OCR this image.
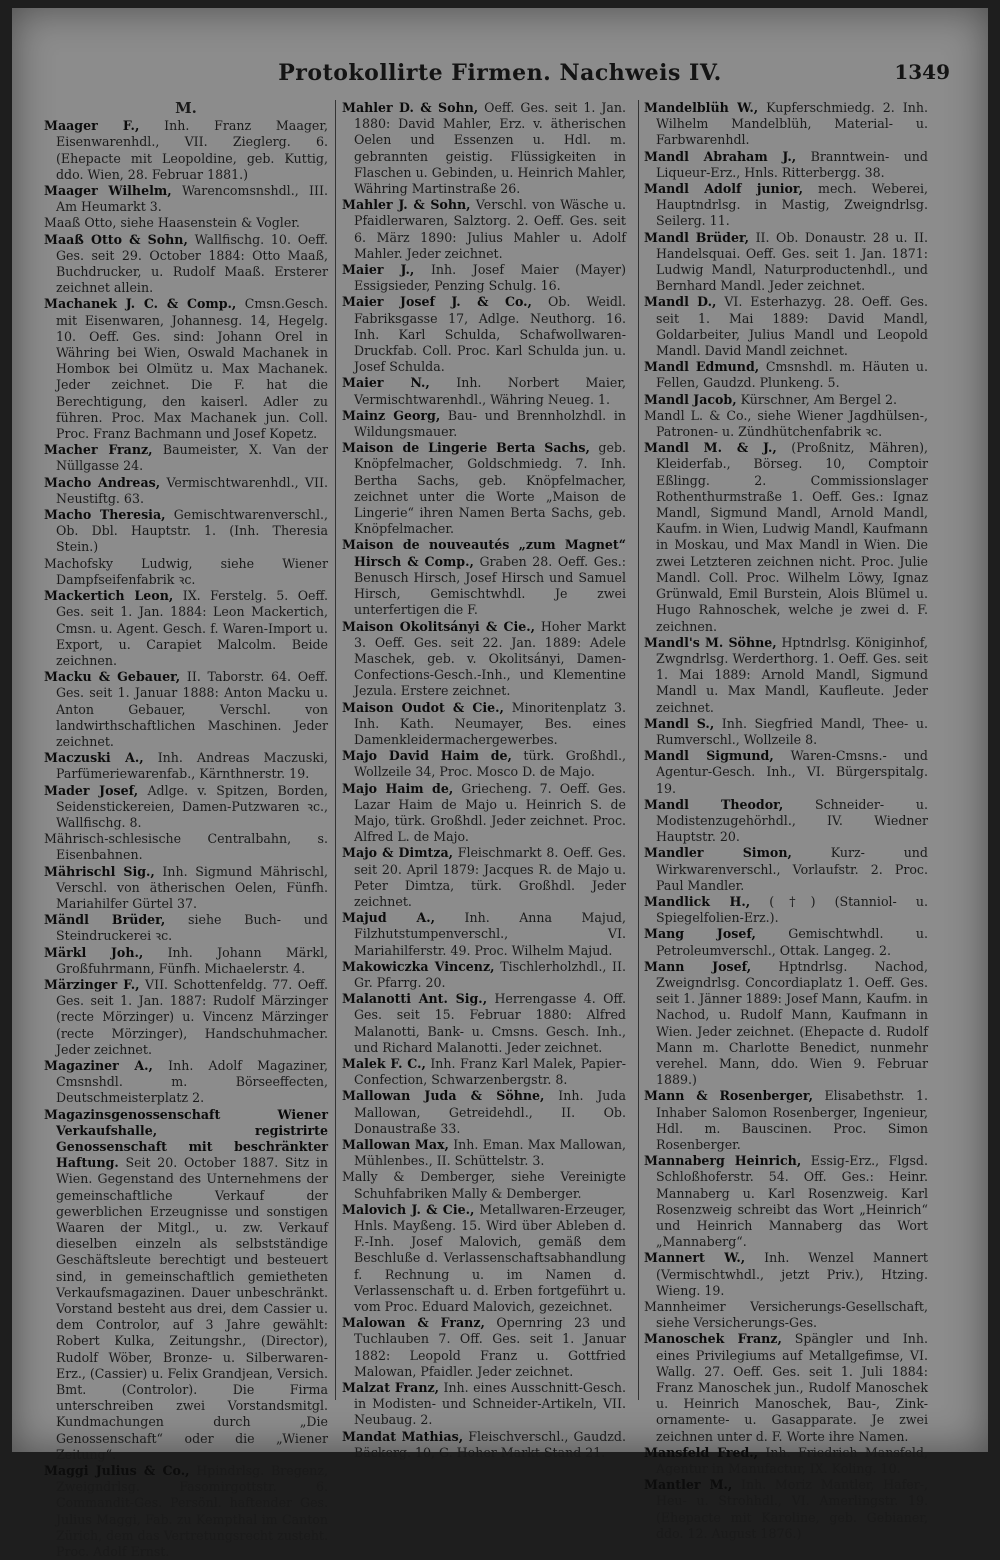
Protokollirte Firmen. Nachweis IV.	1349
M.

Maager F., Inh. Franz Maager, Eisenwarenhdl., VII. Zieglerg. 6. (Ehepacte mit Leopoldine, geb. Kuttig, ddo. Wien, 28. Februar 1881.)

Maager Wilhelm, Warencomsnshdl., III. Am Heumarkt 3.

Maaß Otto, siehe Haasenstein & Vogler.

Maaß Otto & Sohn, Wallfischg. 10. Oeff. Ges. seit 29. October 1884: Otto Maaß, Buchdrucker, u. Rudolf Maaß. Ersterer zeichnet allein.

Machanek J. C. & Comp., Cmsn.Gesch. mit Eisenwaren, Johannesg. 14, Hegelg. 10. Oeff. Ges. sind: Johann Orel in Währing bei Wien, Oswald Machanek in Homboк bei Olmütz u. Max Machanek. Jeder zeichnet. Die F. hat die Berechtigung, den kaiserl. Adler zu führen. Proc. Max Machanek jun. Coll. Proc. Franz Bachmann und Josef Kopetz.

Macher Franz, Baumeister, X. Van der Nüllgasse 24.

Macho Andreas, Vermischtwarenhdl., VII. Neustiftg. 63.

Macho Theresia, Gemischtwarenverschl., Ob. Dbl. Hauptstr. 1. (Inh. Theresia Stein.)

Machofsky Ludwig, siehe Wiener Dampfseifenfabrik ꝛc.

Mackertich Leon, IX. Ferstelg. 5. Oeff. Ges. seit 1. Jan. 1884: Leon Mackertich, Cmsn. u. Agent. Gesch. f. Waren-Import u. Export, u. Carapiet Malcolm. Beide zeichnen.

Macku & Gebauer, II. Taborstr. 64. Oeff. Ges. seit 1. Januar 1888: Anton Macku u. Anton Gebauer, Verschl. von landwirthschaftlichen Maschinen. Jeder zeichnet.

Maczuski A., Inh. Andreas Maczuski, Parfümeriewarenfab., Kärnthnerstr. 19.

Mader Josef, Adlge. v. Spitzen, Borden, Seidenstickereien, Damen-Putzwaren ꝛc., Wallfischg. 8.

Mährisch-schlesische Centralbahn, s. Eisenbahnen.

Mährischl Sig., Inh. Sigmund Mährischl, Verschl. von ätherischen Oelen, Fünfh. Mariahilfer Gürtel 37.

Mändl Brüder, siehe Buch- und Steindruckerei ꝛc.

Märkl Joh., Inh. Johann Märkl, Großfuhrmann, Fünfh. Michaelerstr. 4.

Märzinger F., VII. Schottenfeldg. 77. Oeff. Ges. seit 1. Jan. 1887: Rudolf Märzinger (recte Mörzinger) u. Vincenz Märzinger (recte Mörzinger), Handschuhmacher. Jeder zeichnet.

Magaziner A., Inh. Adolf Magaziner, Cmsnshdl. m. Börseeffecten, Deutschmeisterplatz 2.

Magazinsgenossenschaft Wiener Verkaufshalle, registrirte Genossenschaft mit beschränkter Haftung. Seit 20. October 1887. Sitz in Wien. Gegenstand des Unternehmens der gemeinschaftliche Verkauf der gewerblichen Erzeugnisse und sonstigen Waaren der Mitgl., u. zw. Verkauf dieselben einzeln als selbstständige Geschäftsleute berechtigt und besteuert sind, in gemeinschaftlich gemietheten Verkaufsmagazinen. Dauer unbeschränkt. Vorstand besteht aus drei, dem Cassier u. dem Controlor, auf 3 Jahre gewählt: Robert Kulka, Zeitungshr., (Director), Rudolf Wöber, Bronze- u. Silberwaren-Erz., (Cassier) u. Felix Grandjean, Versich. Bmt. (Controlor). Die Firma unterschreiben zwei Vorstandsmitgl. Kundmachungen durch „Die Genossenschaft“ oder die „Wiener Zeitung“.

Maggi Julius & Co., Hpindrlsg. Bregenz, Zweigndrlsg. Fasomirgottstr. 6. Commandit-Ges. Persönl. haftender Ges. Julius Maggi, Fab. zu Kempthal im Canton Zürich, dem das Vertretungsrecht zusteht. Proc. Adolf Ernst.

Mahler D. & Sohn, Oeff. Ges. seit 1. Jan. 1880: David Mahler, Erz. v. ätherischen Oelen und Essenzen u. Hdl. m. gebrannten geistig. Flüssigkeiten in Flaschen u. Gebinden, u. Heinrich Mahler, Währing Martinstraße 26.

Mahler J. & Sohn, Verschl. von Wäsche u. Pfaidlerwaren, Salztorg. 2. Oeff. Ges. seit 6. März 1890: Julius Mahler u. Adolf Mahler. Jeder zeichnet.

Maier J., Inh. Josef Maier (Mayer) Essigsieder, Penzing Schulg. 16.

Maier Josef J. & Co., Ob. Weidl. Fabriksgasse 17, Adlge. Neuthorg. 16. Inh. Karl Schulda, Schafwollwaren-Druckfab. Coll. Proc. Karl Schulda jun. u. Josef Schulda.

Maier N., Inh. Norbert Maier, Vermischtwarenhdl., Währing Neueg. 1.

Mainz Georg, Bau- und Brennholzhdl. in Wildungsmauer.

Maison de Lingerie Berta Sachs, geb. Knöpfelmacher, Goldschmiedg. 7. Inh. Bertha Sachs, geb. Knöpfelmacher, zeichnet unter die Worte „Maison de Lingerie“ ihren Namen Berta Sachs, geb. Knöpfelmacher.

Maison de nouveautés „zum Magnet“ Hirsch & Comp., Graben 28. Oeff. Ges.: Benusch Hirsch, Josef Hirsch und Samuel Hirsch, Gemischtwhdl. Je zwei unterfertigen die F.

Maison Okolitsányi & Cie., Hoher Markt 3. Oeff. Ges. seit 22. Jan. 1889: Adele Maschek, geb. v. Okolitsányi, Damen-Confections-Gesch.-Inh., und Klementine Jezula. Erstere zeichnet.

Maison Oudot & Cie., Minoritenplatz 3. Inh. Kath. Neumayer, Bes. eines Damenkleidermachergewerbes.

Majo David Haim de, türk. Großhdl., Wollzeile 34, Proc. Mosco D. de Majo.

Majo Haim de, Griecheng. 7. Oeff. Ges. Lazar Haim de Majo u. Heinrich S. de Majo, türk. Großhdl. Jeder zeichnet. Proc. Alfred L. de Majo.

Majo & Dimtza, Fleischmarkt 8. Oeff. Ges. seit 20. April 1879: Jacques R. de Majo u. Peter Dimtza, türk. Großhdl. Jeder zeichnet.

Majud A., Inh. Anna Majud, Filzhutstumpenverschl., VI. Mariahilferstr. 49. Proc. Wilhelm Majud.

Makowiczka Vincenz, Tischlerholzhdl., II. Gr. Pfarrg. 20.

Malanotti Ant. Sig., Herrengasse 4. Off. Ges. seit 15. Februar 1880: Alfred Malanotti, Bank- u. Cmsns. Gesch. Inh., und Richard Malanotti. Jeder zeichnet.

Malek F. C., Inh. Franz Karl Malek, Papier-Confection, Schwarzenbergstr. 8.

Mallowan Juda & Söhne, Inh. Juda Mallowan, Getreidehdl., II. Ob. Donaustraße 33.

Mallowan Max, Inh. Eman. Max Mallowan, Mühlenbes., II. Schüttelstr. 3.

Mally & Demberger, siehe Vereinigte Schuhfabriken Mally & Demberger.

Malovich J. & Cie., Metallwaren-Erzeuger, Hnls. Mayßeng. 15. Wird über Ableben d. F.-Inh. Josef Malovich, gemäß dem Beschluße d. Verlassenschaftsabhandlung f. Rechnung u. im Namen d. Verlassenschaft u. d. Erben fortgeführt u. vom Proc. Eduard Malovich, gezeichnet.

Malowan & Franz, Opernring 23 und Tuchlauben 7. Off. Ges. seit 1. Januar 1882: Leopold Franz u. Gottfried Malowan, Pfaidler. Jeder zeichnet.

Malzat Franz, Inh. eines Ausschnitt-Gesch. in Modisten- und Schneider-Artikeln, VII. Neubaug. 2.

Mandat Mathias, Fleischverschl., Gaudzd. Bäckerg. 10, G. Hoher Markt Stand 21.

Mandelblüh W., Kupferschmiedg. 2. Inh. Wilhelm Mandelblüh, Material- u. Farbwarenhdl.

Mandl Abraham J., Branntwein- und Liqueur-Erz., Hnls. Ritterbergg. 38.

Mandl Adolf junior, mech. Weberei, Hauptndrlsg. in Mastig, Zweigndrlsg. Seilerg. 11.

Mandl Brüder, II. Ob. Donaustr. 28 u. II. Handelsquai. Oeff. Ges. seit 1. Jan. 1871: Ludwig Mandl, Naturproductenhdl., und Bernhard Mandl. Jeder zeichnet.

Mandl D., VI. Esterhazyg. 28. Oeff. Ges. seit 1. Mai 1889: David Mandl, Goldarbeiter, Julius Mandl und Leopold Mandl. David Mandl zeichnet.

Mandl Edmund, Cmsnshdl. m. Häuten u. Fellen, Gaudzd. Plunkeng. 5.

Mandl Jacob, Kürschner, Am Bergel 2.

Mandl L. & Co., siehe Wiener Jagdhülsen-, Patronen- u. Zündhütchenfabrik ꝛc.

Mandl M. & J., (Proßnitz, Mähren), Kleiderfab., Börseg. 10, Comptoir Eßlingg. 2. Commissionslager Rothenthurmstraße 1. Oeff. Ges.: Ignaz Mandl, Sigmund Mandl, Arnold Mandl, Kaufm. in Wien, Ludwig Mandl, Kaufmann in Moskau, und Max Mandl in Wien. Die zwei Letzteren zeichnen nicht. Proc. Julie Mandl. Coll. Proc. Wilhelm Löwy, Ignaz Grünwald, Emil Burstein, Alois Blümel u. Hugo Rahnoschek, welche je zwei d. F. zeichnen.

Mandl's M. Söhne, Hptndrlsg. Königinhof, Zwgndrlsg. Werderthorg. 1. Oeff. Ges. seit 1. Mai 1889: Arnold Mandl, Sigmund Mandl u. Max Mandl, Kaufleute. Jeder zeichnet.

Mandl S., Inh. Siegfried Mandl, Thee- u. Rumverschl., Wollzeile 8.

Mandl Sigmund, Waren-Cmsns.- und Agentur-Gesch. Inh., VI. Bürgerspitalg. 19.

Mandl Theodor,	Schneider- u. Modistenzugehörhdl., IV. Wiedner Hauptstr. 20.

Mandler Simon,	Kurz- und Wirkwarenverschl., Vorlaufstr. 2. Proc. Paul Mandler.

Mandlick H., (†) (Stanniol- u. Spiegelfolien-Erz.).

Mang Josef,	Gemischtwhdl. u. Petroleumverschl., Ottak. Langeg. 2.

Mann Josef, Hptndrlsg. Nachod, Zweigndrlsg. Concordiaplatz 1. Oeff. Ges. seit 1. Jänner 1889: Josef Mann, Kaufm. in Nachod, u. Rudolf Mann, Kaufmann in Wien. Jeder zeichnet. (Ehepacte d. Rudolf Mann m. Charlotte Benedict, nunmehr verehel. Mann, ddo. Wien 9. Februar 1889.)

Mann & Rosenberger, Elisabethstr. 1. Inhaber Salomon Rosenberger, Ingenieur, Hdl. m. Bauscinen. Proc. Simon Rosenberger.

Mannaberg Heinrich, Essig-Erz., Flgsd. Schloßhoferstr. 54. Off. Ges.: Heinr. Mannaberg u. Karl Rosenzweig. Karl Rosenzweig schreibt das Wort „Heinrich“ und Heinrich Mannaberg das Wort „Mannaberg“.

Mannert W., Inh. Wenzel Mannert (Vermischtwhdl., jetzt Priv.), Htzing. Wieng. 19.

Mannheimer Versicherungs-Gesellschaft, siehe Versicherungs-Ges.

Manoschek Franz, Spängler und Inh. eines Privilegiums auf Metallgefimse, VI. Wallg. 27. Oeff. Ges. seit 1. Juli 1884: Franz Manoschek jun., Rudolf Manoschek u. Heinrich Manoschek, Bau-, Zink-ornamente- u. Gasapparate. Je zwei zeichnen unter d. F. Worte ihre Namen.

Mansfeld Fred., Inh. Friedrich Mansfeld, Agentur in Manufactur, IX. Koling. 10.

Mantler M., Inh. Moriz Mantler, Hafer-, Heu- u. Strohhdl., VI. Amerlingstr. 19. (Ehepacte mit Karoline, geb. Gebianer, ddo. 12. August 1876.)
